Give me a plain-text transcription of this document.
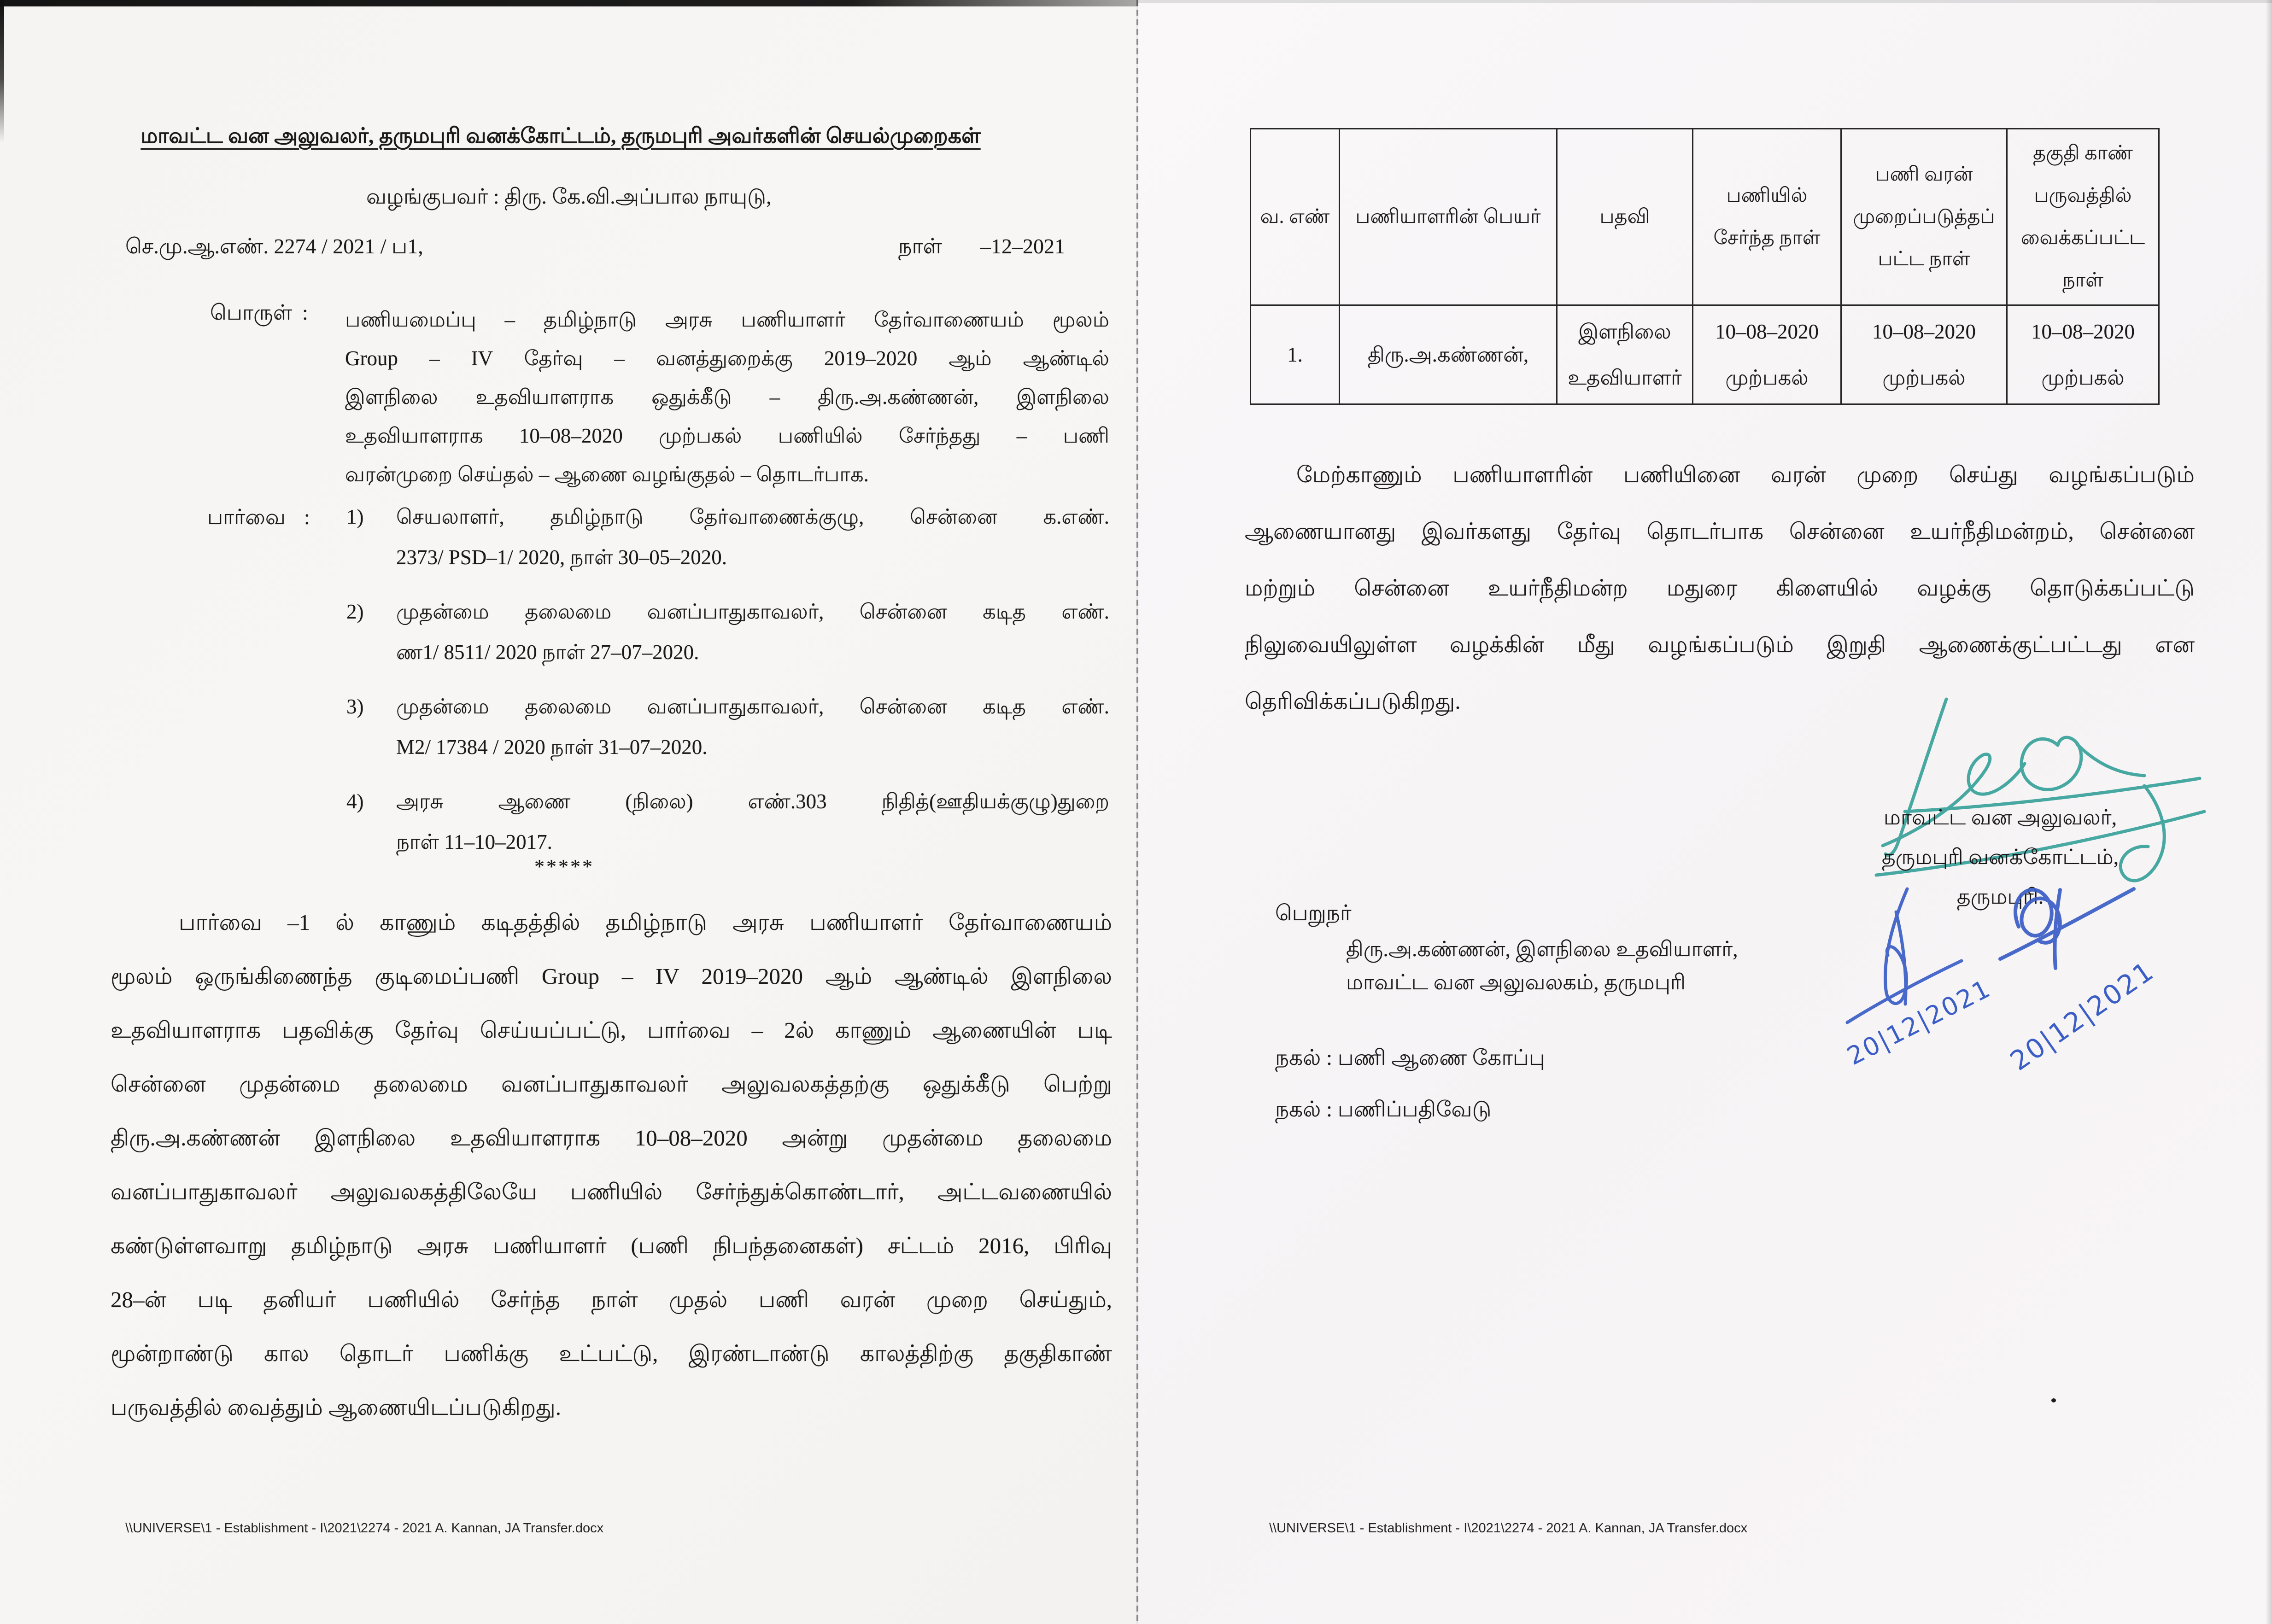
மாவட்ட வன அலுவலர், தருமபுரி வனக்கோட்டம், தருமபுரி அவர்களின் செயல்முறைகள்
வழங்குபவர் : திரு. கே.வி.அப்பால நாயுடு,
செ.மு.ஆ.எண். 2274 / 2021 / ப1,	நாள் –12–2021
பொருள் : பணியமைப்பு – தமிழ்நாடு அரசு பணியாளர் தேர்வாணையம் மூலம்
Group – IV தேர்வு – வனத்துறைக்கு 2019–2020 ஆம் ஆண்டில்
இளநிலை உதவியாளராக ஒதுக்கீடு – திரு.அ.கண்ணன், இளநிலை
உதவியாளராக 10–08–2020 முற்பகல் பணியில் சேர்ந்தது – பணி
வரன்முறை செய்தல் – ஆணை வழங்குதல் – தொடர்பாக.
பார்வை : 1) செயலாளர், தமிழ்நாடு தேர்வாணைக்குழு, சென்னை க.எண்.
2373/ PSD–1/ 2020, நாள் 30–05–2020.
2) முதன்மை தலைமை வனப்பாதுகாவலர், சென்னை கடித எண்.
ண1/ 8511/ 2020 நாள் 27–07–2020.
3) முதன்மை தலைமை வனப்பாதுகாவலர், சென்னை கடித எண்.
M2/ 17384 / 2020 நாள் 31–07–2020.
4) அரசு ஆணை (நிலை) எண்.303 நிதித்(ஊதியக்குழு)துறை
நாள் 11–10–2017.
*****
பார்வை –1 ல் காணும் கடிதத்தில் தமிழ்நாடு அரசு பணியாளர் தேர்வாணையம்
மூலம் ஒருங்கிணைந்த குடிமைப்பணி Group – IV 2019–2020 ஆம் ஆண்டில் இளநிலை
உதவியாளராக பதவிக்கு தேர்வு செய்யப்பட்டு, பார்வை – 2ல் காணும் ஆணையின் படி
சென்னை முதன்மை தலைமை வனப்பாதுகாவலர் அலுவலகத்தற்கு ஒதுக்கீடு பெற்று
திரு.அ.கண்ணன் இளநிலை உதவியாளராக 10–08–2020 அன்று முதன்மை தலைமை
வனப்பாதுகாவலர் அலுவலகத்திலேயே பணியில் சேர்ந்துக்கொண்டார், அட்டவணையில்
கண்டுள்ளவாறு தமிழ்நாடு அரசு பணியாளர் (பணி நிபந்தனைகள்) சட்டம் 2016, பிரிவு
28–ன் படி தனியர் பணியில் சேர்ந்த நாள் முதல் பணி வரன் முறை செய்தும்,
மூன்றாண்டு கால தொடர் பணிக்கு உட்பட்டு, இரண்டாண்டு காலத்திற்கு தகுதிகாண்
பருவத்தில் வைத்தும் ஆணையிடப்படுகிறது.
\\UNIVERSE\1 - Establishment - I\2021\2274 - 2021 A. Kannan, JA Transfer.docx
வ. எண்	பணியாளரின் பெயர்	பதவி	பணியில் சேர்ந்த நாள்	பணி வரன் முறைப்படுத்தப் பட்ட நாள்	தகுதி காண் பருவத்தில் வைக்கப்பட்ட நாள்
1.	திரு.அ.கண்ணன்,	இளநிலை உதவியாளர்	10–08–2020 முற்பகல்	10–08–2020 முற்பகல்	10–08–2020 முற்பகல்
மேற்காணும் பணியாளரின் பணியினை வரன் முறை செய்து வழங்கப்படும்
ஆணையானது இவர்களது தேர்வு தொடர்பாக சென்னை உயர்நீதிமன்றம், சென்னை
மற்றும் சென்னை உயர்நீதிமன்ற மதுரை கிளையில் வழக்கு தொடுக்கப்பட்டு
நிலுவையிலுள்ள வழக்கின் மீது வழங்கப்படும் இறுதி ஆணைக்குட்பட்டது என
தெரிவிக்கப்படுகிறது.
மாவட்ட வன அலுவலர்,
தருமபுரி வனக்கோட்டம்,
தருமபுரி.
20|12|2021 20|12|2021
பெறுநர்
திரு.அ.கண்ணன், இளநிலை உதவியாளர்,
மாவட்ட வன அலுவலகம், தருமபுரி
நகல் : பணி ஆணை கோப்பு
நகல் : பணிப்பதிவேடு
\\UNIVERSE\1 - Establishment - I\2021\2274 - 2021 A. Kannan, JA Transfer.docx
